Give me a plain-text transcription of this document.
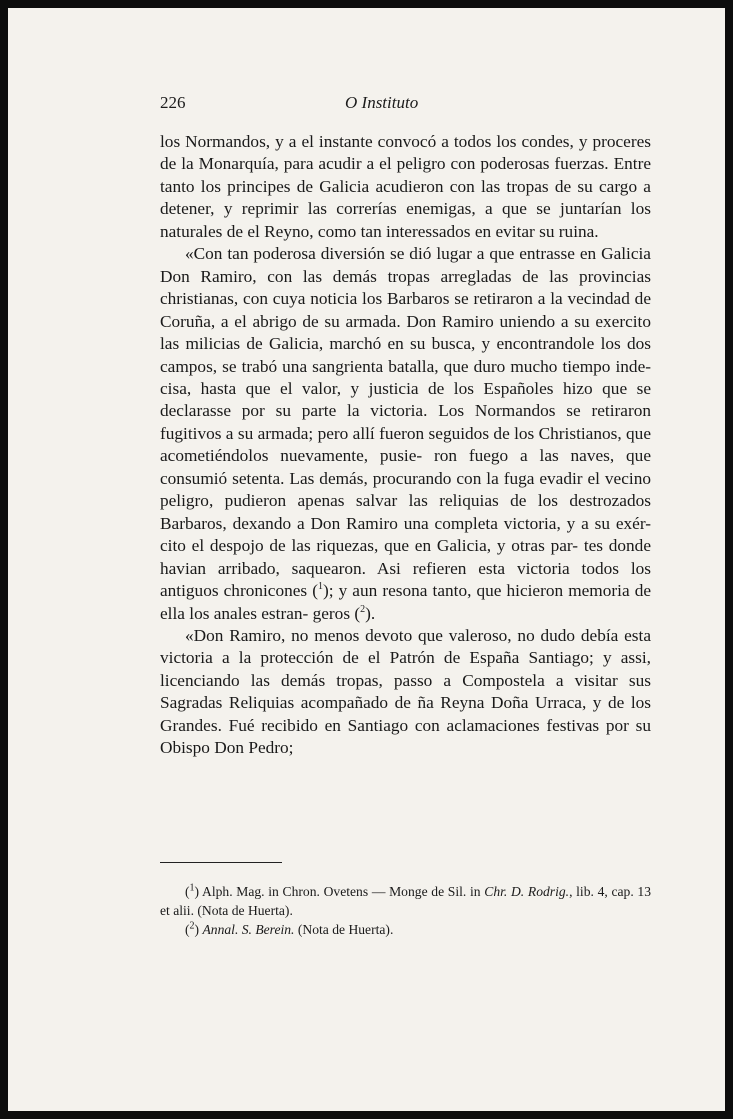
226	O Instituto

los Normandos, y a el instante convocó a todos los condes, y proceres de la Monarquía, para acudir a el peligro con poderosas fuerzas. Entre tanto los principes de Galicia acudieron con las tropas de su cargo a detener, y reprimir las correrías enemigas, a que se juntarían los naturales de el Reyno, como tan interessados en evitar su ruina.

«Con tan poderosa diversión se dió lugar a que entrasse en Galicia Don Ramiro, con las demás tropas arregladas de las provincias christianas, con cuya noticia los Barbaros se retiraron a la vecindad de Coruña, a el abrigo de su armada. Don Ramiro uniendo a su exercito las milicias de Galicia, marchó en su busca, y encontrandole los dos campos, se trabó una sangrienta batalla, que duro mucho tiempo inde- cisa, hasta que el valor, y justicia de los Españoles hizo que se declarasse por su parte la victoria. Los Normandos se retiraron fugitivos a su armada; pero allí fueron seguidos de los Christianos, que acometiéndolos nuevamente, pusie- ron fuego a las naves, que consumió setenta. Las demás, procurando con la fuga evadir el vecino peligro, pudieron apenas salvar las reliquias de los destrozados Barbaros, dexando a Don Ramiro una completa victoria, y a su exér- cito el despojo de las riquezas, que en Galicia, y otras par- tes donde havian arribado, saquearon. Asi refieren esta victoria todos los antiguos chronicones ($^1$); y aun resona tanto, que hicieron memoria de ella los anales estran- geros ($^2$).

«Don Ramiro, no menos devoto que valeroso, no dudo debía esta victoria a la protección de el Patrón de España Santiago; y assi, licenciando las demás tropas, passo a Compostela a visitar sus Sagradas Reliquias acompañado de ña Reyna Doña Urraca, y de los Grandes. Fué recibido en Santiago con aclamaciones festivas por su Obispo Don Pedro;

($^1$) Alph. Mag. in Chron. Ovetens — Monge de Sil. in Chr. D. Rodrig., lib. 4, cap. 13 et alii. (Nota de Huerta).

($^2$) Annal. S. Berein. (Nota de Huerta).
